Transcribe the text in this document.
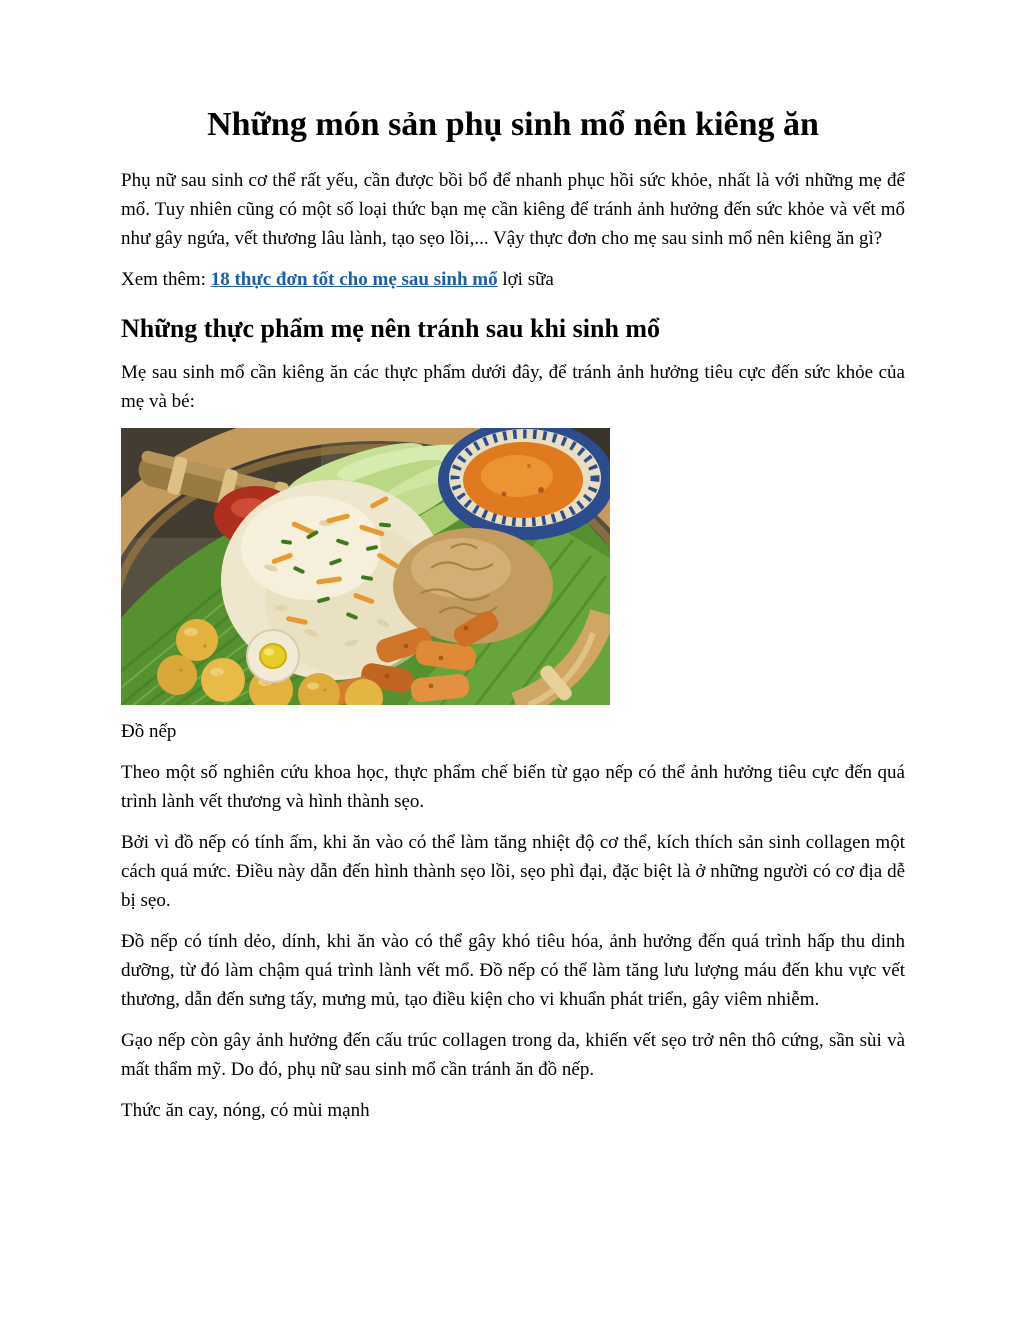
Những món sản phụ sinh mổ nên kiêng ăn

Phụ nữ sau sinh cơ thể rất yếu, cần được bồi bổ để nhanh phục hồi sức khỏe, nhất là với những mẹ để mổ. Tuy nhiên cũng có một số loại thức bạn mẹ cần kiêng để tránh ảnh hưởng đến sức khỏe và vết mổ như gây ngứa, vết thương lâu lành, tạo sẹo lồi,... Vậy thực đơn cho mẹ sau sinh mổ nên kiêng ăn gì?

Xem thêm: 18 thực đơn tốt cho mẹ sau sinh mổ lợi sữa

Những thực phẩm mẹ nên tránh sau khi sinh mổ

Mẹ sau sinh mổ cần kiêng ăn các thực phẩm dưới đây, để tránh ảnh hưởng tiêu cực đến sức khỏe của mẹ và bé:

Đồ nếp

Theo một số nghiên cứu khoa học, thực phẩm chế biến từ gạo nếp có thể ảnh hưởng tiêu cực đến quá trình lành vết thương và hình thành sẹo.

Bởi vì đồ nếp có tính ấm, khi ăn vào có thể làm tăng nhiệt độ cơ thể, kích thích sản sinh collagen một cách quá mức. Điều này dẫn đến hình thành sẹo lồi, sẹo phì đại, đặc biệt là ở những người có cơ địa dễ bị sẹo.

Đồ nếp có tính dẻo, dính, khi ăn vào có thể gây khó tiêu hóa, ảnh hưởng đến quá trình hấp thu dinh dưỡng, từ đó làm chậm quá trình lành vết mổ. Đồ nếp có thể làm tăng lưu lượng máu đến khu vực vết thương, dẫn đến sưng tấy, mưng mủ, tạo điều kiện cho vi khuẩn phát triển, gây viêm nhiễm.

Gạo nếp còn gây ảnh hưởng đến cấu trúc collagen trong da, khiến vết sẹo trở nên thô cứng, sần sùi và mất thẩm mỹ. Do đó, phụ nữ sau sinh mổ cần tránh ăn đồ nếp.

Thức ăn cay, nóng, có mùi mạnh
